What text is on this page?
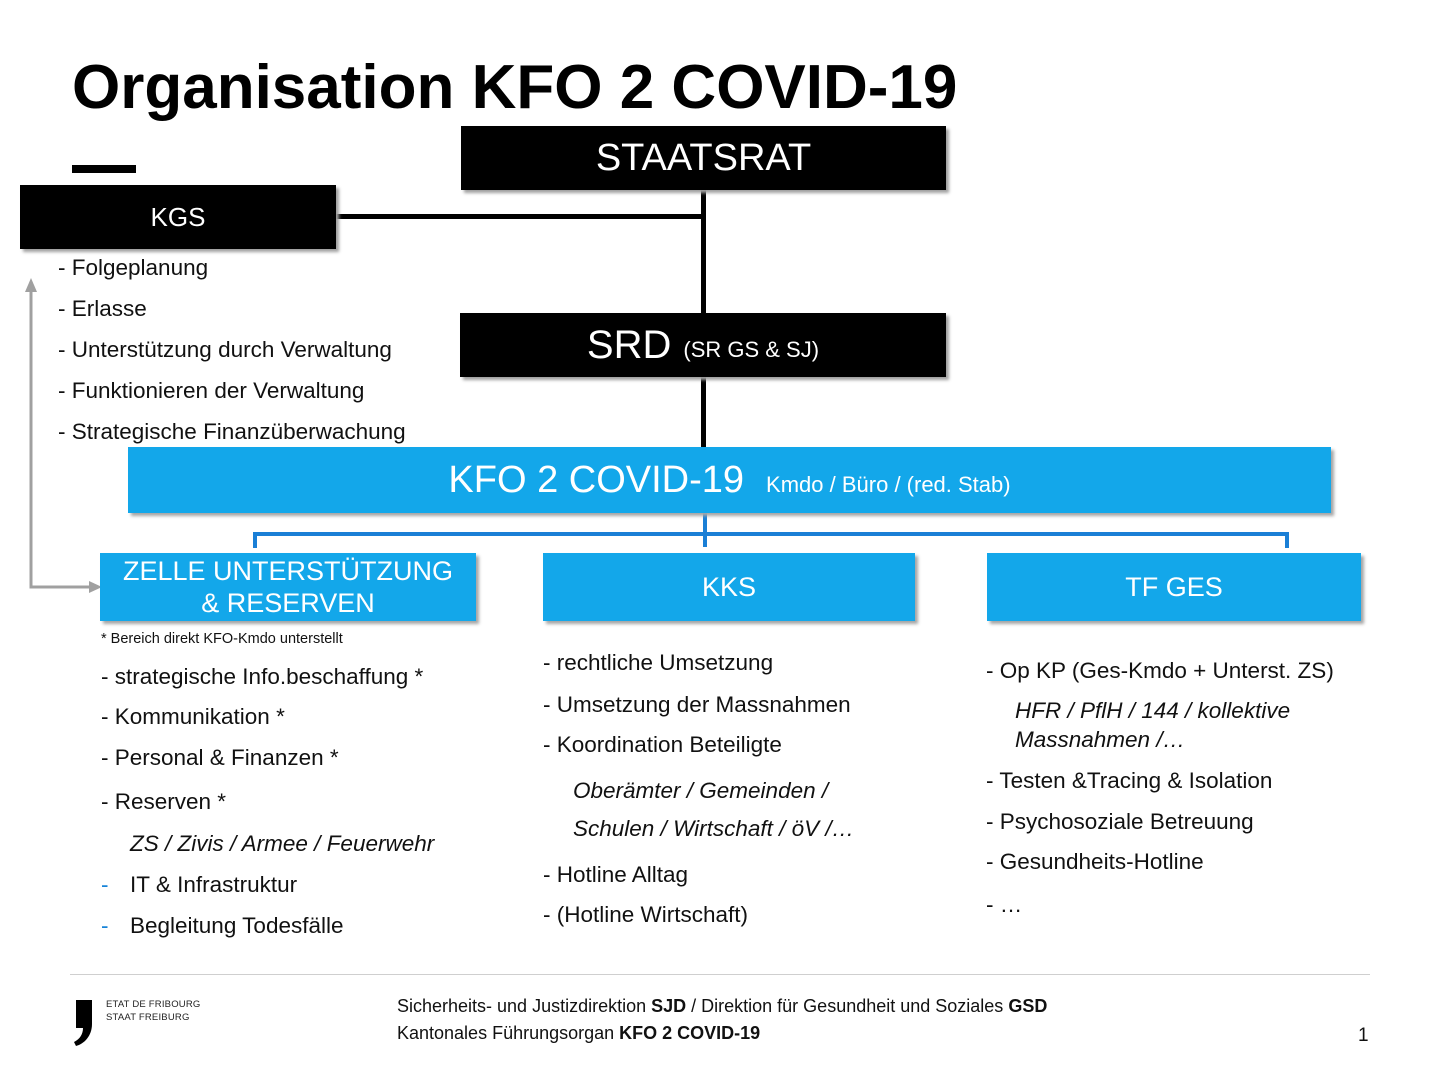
Organisation KFO 2 COVID-19
STAATSRAT
KGS
SRD (SR GS & SJ)
KFO 2 COVID-19 Kmdo / Büro / (red. Stab)
ZELLE UNTERSTÜTZUNG
& RESERVEN
KKS	TF GES
- Folgeplanung
- Erlasse
- Unterstützung durch Verwaltung
- Funktionieren der Verwaltung
- Strategische Finanzüberwachung
* Bereich direkt KFO-Kmdo unterstellt
- strategische Info.beschaffung *
- Kommunikation *
- Personal & Finanzen *
- Reserven *
ZS / Zivis / Armee / Feuerwehr
- IT & Infrastruktur
- Begleitung Todesfälle
- rechtliche Umsetzung
- Umsetzung der Massnahmen
- Koordination Beteiligte
Oberämter / Gemeinden /
Schulen / Wirtschaft / öV /…
- Hotline Alltag
- (Hotline Wirtschaft)
- Op KP (Ges-Kmdo + Unterst. ZS)
HFR / PflH / 144 / kollektive
Massnahmen /…
- Testen &Tracing & Isolation
- Psychosoziale Betreuung
- Gesundheits-Hotline
- …
ETAT DE FRIBOURG
STAAT FREIBURG
Sicherheits- und Justizdirektion SJD / Direktion für Gesundheit und Soziales GSD
Kantonales Führungsorgan KFO 2 COVID-19	1
